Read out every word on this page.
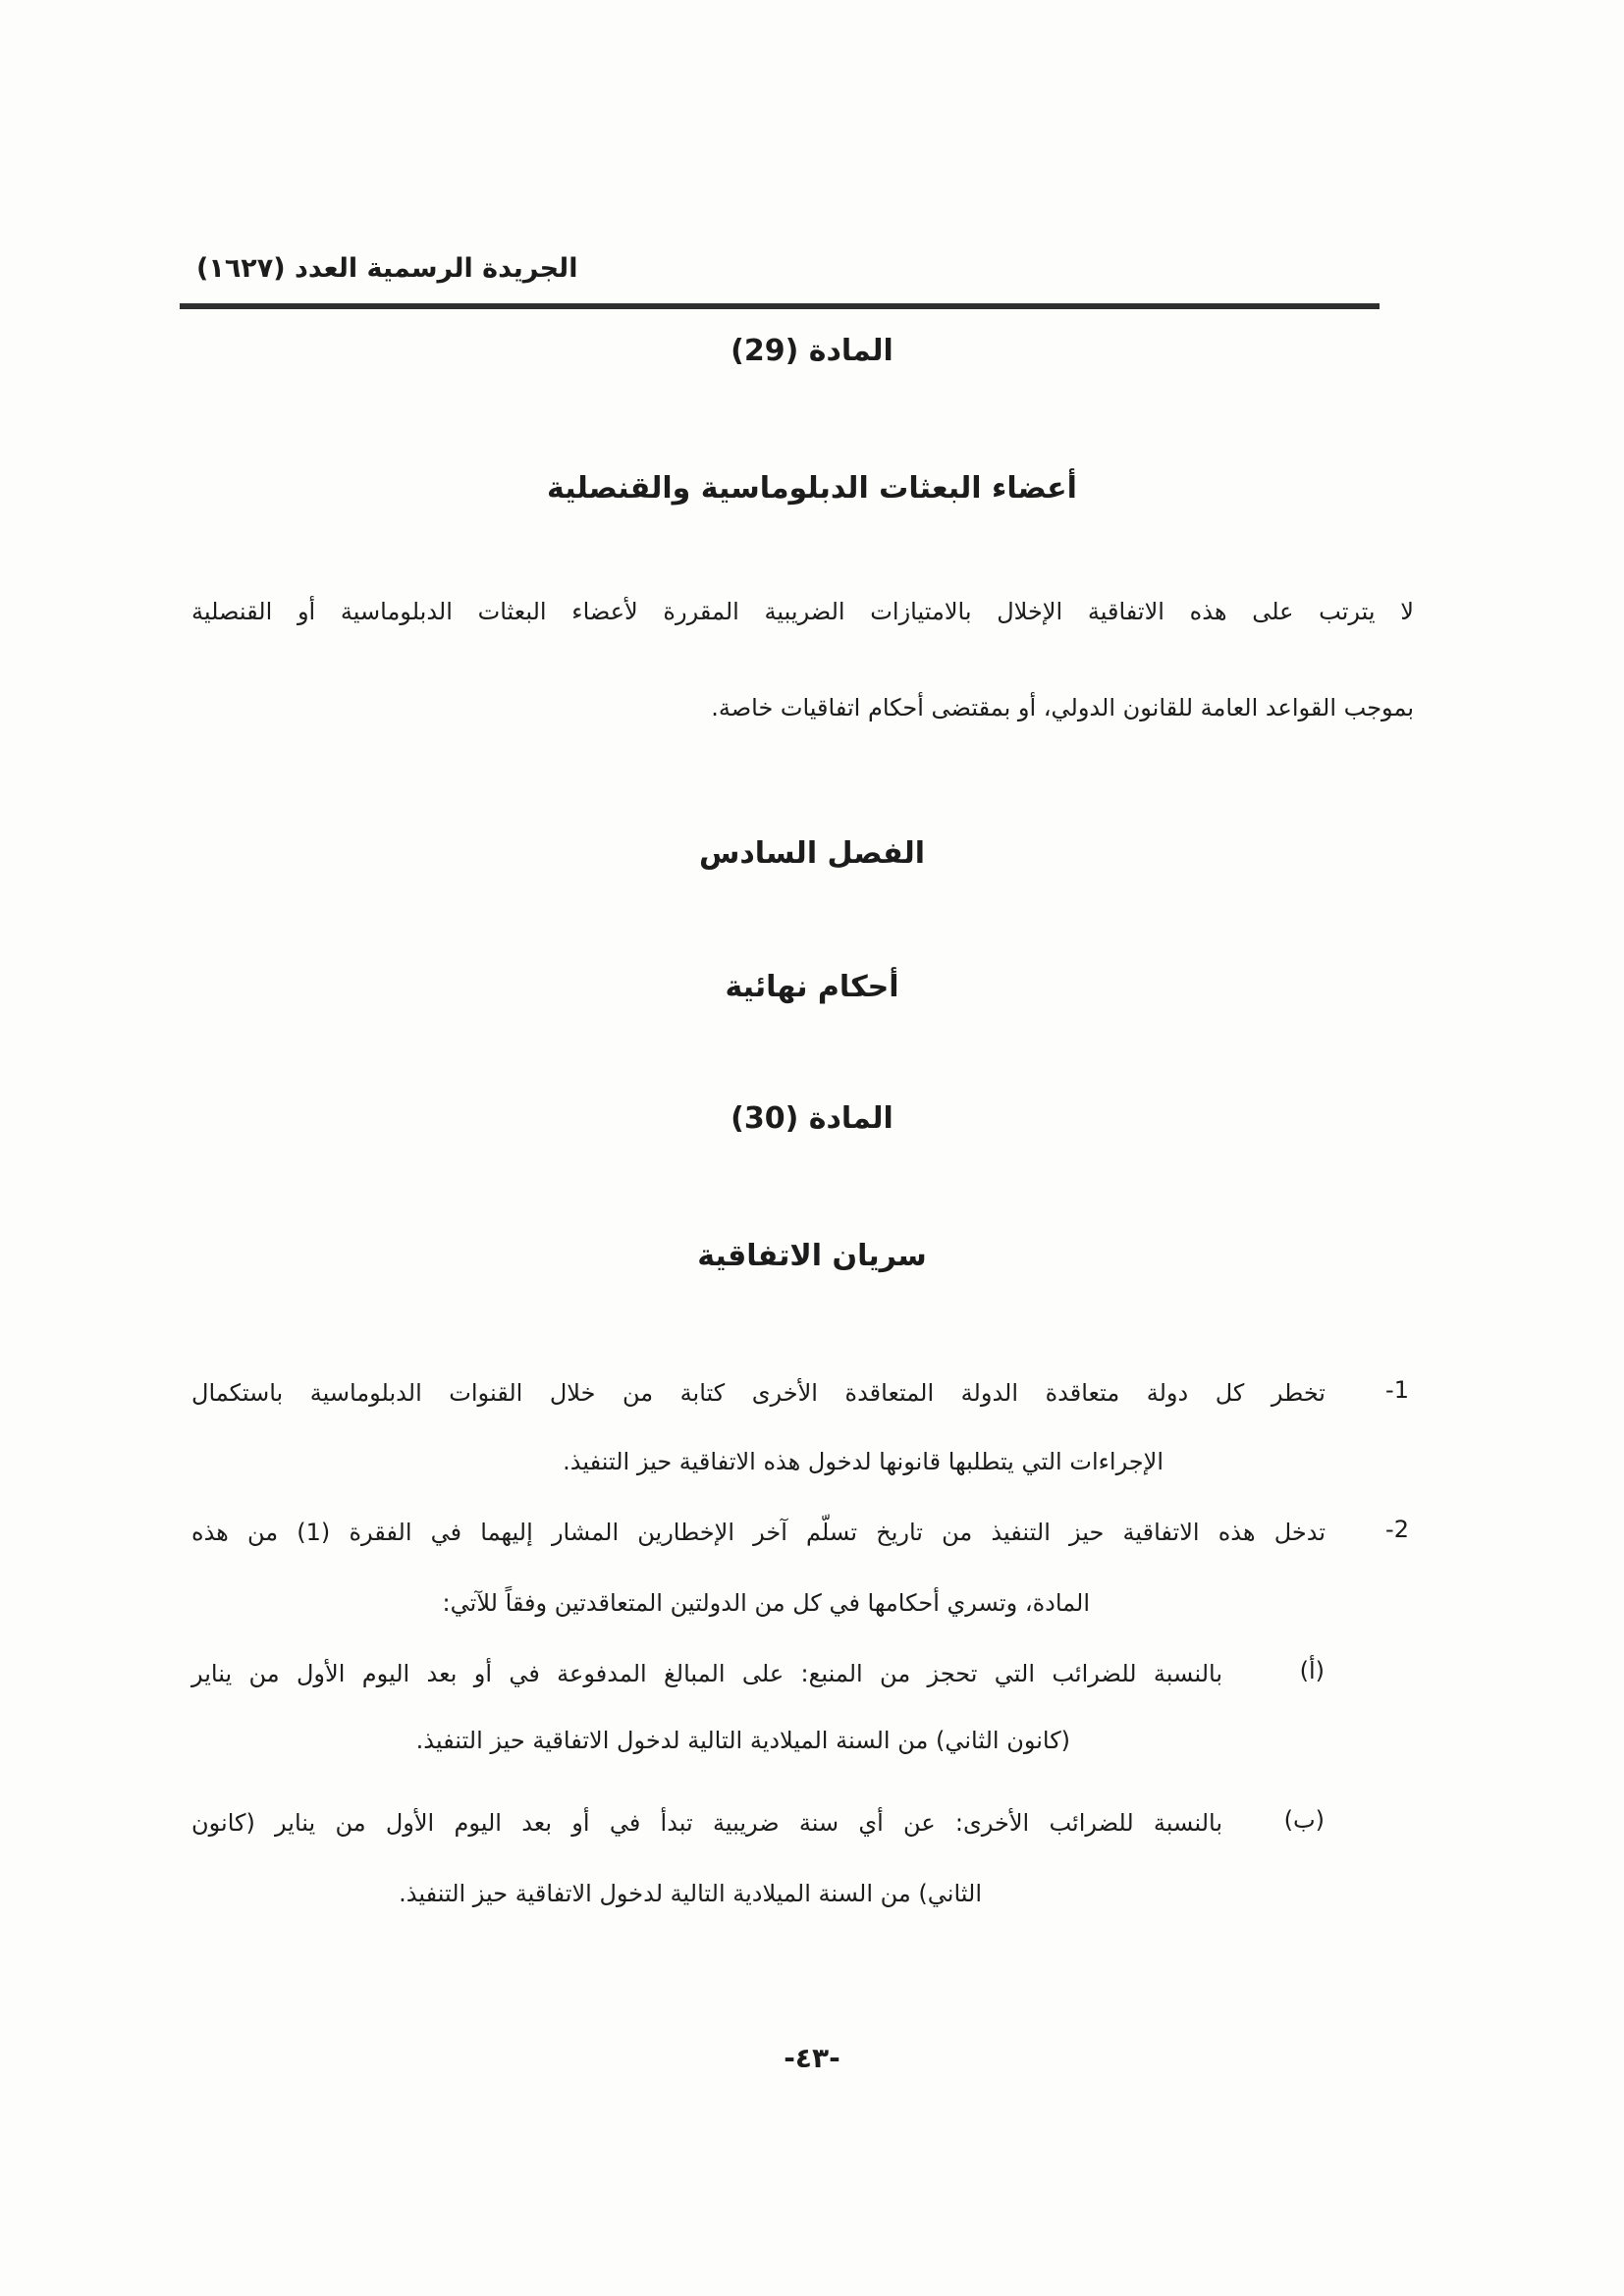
الجريدة الرسمية العدد (١٦٢٧)
المادة (29)
أعضاء البعثات الدبلوماسية والقنصلية
لا يترتب على هذه الاتفاقية الإخلال بالامتيازات الضريبية المقررة لأعضاء البعثات الدبلوماسية أو القنصلية
بموجب القواعد العامة للقانون الدولي، أو بمقتضى أحكام اتفاقيات خاصة.
الفصل السادس
أحكام نهائية
المادة (30)
سريان الاتفاقية
1-
تخطر كل دولة متعاقدة الدولة المتعاقدة الأخرى كتابة من خلال القنوات الدبلوماسية باستكمال
الإجراءات التي يتطلبها قانونها لدخول هذه الاتفاقية حيز التنفيذ.
2-
تدخل هذه الاتفاقية حيز التنفيذ من تاريخ تسلّم آخر الإخطارين المشار إليهما في الفقرة (1) من هذه
المادة، وتسري أحكامها في كل من الدولتين المتعاقدتين وفقاً للآتي:
(أ)
بالنسبة للضرائب التي تحجز من المنبع: على المبالغ المدفوعة في أو بعد اليوم الأول من يناير
(كانون الثاني) من السنة الميلادية التالية لدخول الاتفاقية حيز التنفيذ.
(ب)
بالنسبة للضرائب الأخرى: عن أي سنة ضريبية تبدأ في أو بعد اليوم الأول من يناير (كانون
الثاني) من السنة الميلادية التالية لدخول الاتفاقية حيز التنفيذ.
-٤٣-
